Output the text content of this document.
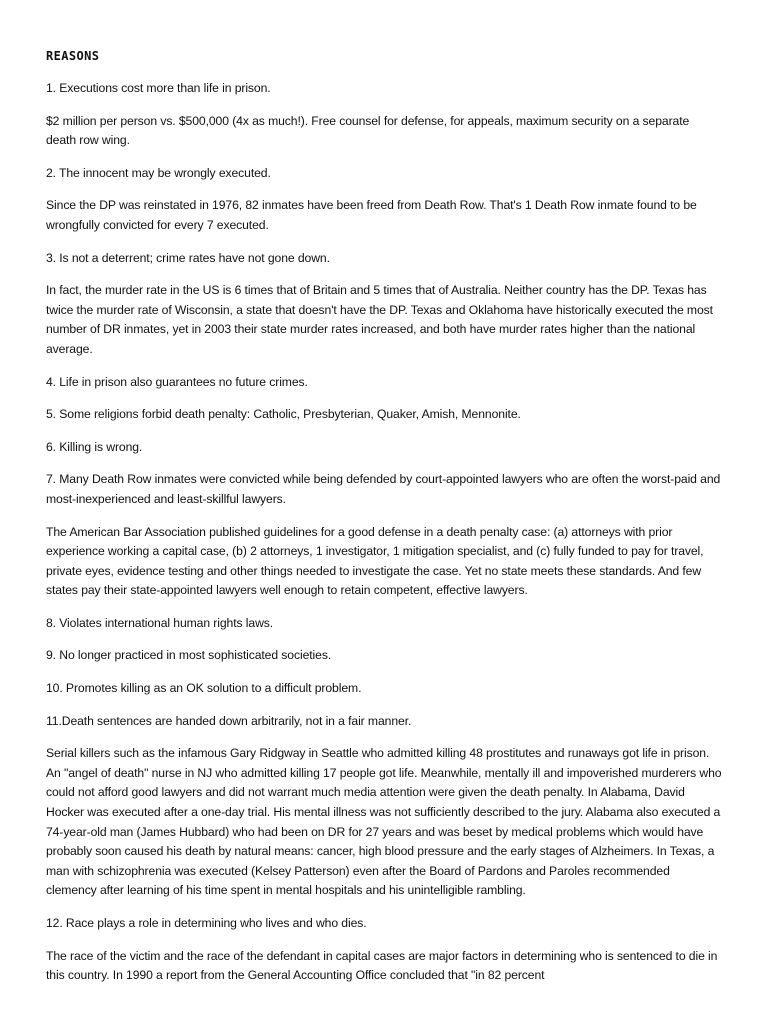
REASONS

1. Executions cost more than life in prison.

$2 million per person vs. $500,000 (4x as much!). Free counsel for defense, for appeals, maximum security on a separate death row wing.

2. The innocent may be wrongly executed.

Since the DP was reinstated in 1976, 82 inmates have been freed from Death Row. That's 1 Death Row inmate found to be wrongfully convicted for every 7 executed.

3. Is not a deterrent; crime rates have not gone down.

In fact, the murder rate in the US is 6 times that of Britain and 5 times that of Australia. Neither country has the DP. Texas has twice the murder rate of Wisconsin, a state that doesn't have the DP. Texas and Oklahoma have historically executed the most number of DR inmates, yet in 2003 their state murder rates increased, and both have murder rates higher than the national average.

4. Life in prison also guarantees no future crimes.

5. Some religions forbid death penalty: Catholic, Presbyterian, Quaker, Amish, Mennonite.

6. Killing is wrong.

7. Many Death Row inmates were convicted while being defended by court-appointed lawyers who are often the worst-paid and most-inexperienced and least-skillful lawyers.

The American Bar Association published guidelines for a good defense in a death penalty case: (a) attorneys with prior experience working a capital case, (b) 2 attorneys, 1 investigator, 1 mitigation specialist, and (c) fully funded to pay for travel, private eyes, evidence testing and other things needed to investigate the case. Yet no state meets these standards. And few states pay their state-appointed lawyers well enough to retain competent, effective lawyers.

8. Violates international human rights laws.

9. No longer practiced in most sophisticated societies.

10. Promotes killing as an OK solution to a difficult problem.

11.Death sentences are handed down arbitrarily, not in a fair manner.

Serial killers such as the infamous Gary Ridgway in Seattle who admitted killing 48 prostitutes and runaways got life in prison. An "angel of death" nurse in NJ who admitted killing 17 people got life. Meanwhile, mentally ill and impoverished murderers who could not afford good lawyers and did not warrant much media attention were given the death penalty. In Alabama, David Hocker was executed after a one-day trial. His mental illness was not sufficiently described to the jury. Alabama also executed a 74-year-old man (James Hubbard) who had been on DR for 27 years and was beset by medical problems which would have probably soon caused his death by natural means: cancer, high blood pressure and the early stages of Alzheimers. In Texas, a man with schizophrenia was executed (Kelsey Patterson) even after the Board of Pardons and Paroles recommended clemency after learning of his time spent in mental hospitals and his unintelligible rambling.

12. Race plays a role in determining who lives and who dies.

The race of the victim and the race of the defendant in capital cases are major factors in determining who is sentenced to die in this country. In 1990 a report from the General Accounting Office concluded that "in 82 percent
